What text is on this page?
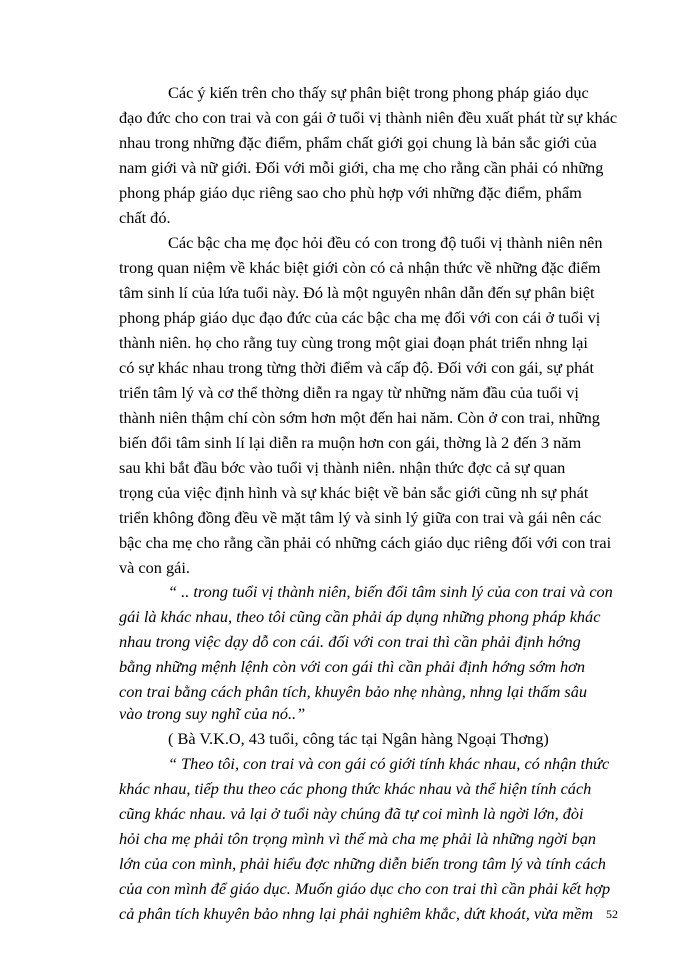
Các ý kiến trên cho thấy sự phân biệt trong phong pháp giáo dục
đạo đức cho con trai và con gái ở tuổi vị thành niên đều xuất phát từ sự khác
nhau trong những đặc điểm, phẩm chất giới gọi chung là bản sắc giới của
nam giới và nữ giới. Đối với mỗi giới, cha mẹ cho rằng cần phải có những
phong pháp giáo dục riêng sao cho phù hợp với những đặc điểm, phẩm
chất đó.
Các bậc cha mẹ đọc hỏi đều có con trong độ tuổi vị thành niên nên
trong quan niệm về khác biệt giới còn có cả nhận thức về những đặc điểm
tâm sinh lí của lứa tuổi này. Đó là một nguyên nhân dẫn đến sự phân biệt
phong pháp giáo dục đạo đức của các bậc cha mẹ đối với con cái ở tuổi vị
thành niên. họ cho rằng tuy cùng trong một giai đoạn phát triển nhng lại
có sự khác nhau trong từng thời điểm và cấp độ. Đối với con gái, sự phát
triển tâm lý và cơ thể thờng diễn ra ngay từ những năm đầu của tuổi vị
thành niên thậm chí còn sớm hơn một đến hai năm. Còn ở con trai, những
biến đổi tâm sinh lí lại diễn ra muộn hơn con gái, thờng là 2 đến 3 năm
sau khi bắt đầu bớc vào tuổi vị thành niên. nhận thức đợc cả sự quan
trọng của việc định hình và sự khác biệt về bản sắc giới cũng nh sự phát
triển không đồng đều về mặt tâm lý và sinh lý giữa con trai và gái nên các
bậc cha mẹ cho rằng cần phải có những cách giáo dục riêng đối với con trai
và con gái.
“ .. trong tuổi vị thành niên, biến đổi tâm sinh lý của con trai và con
gái là khác nhau, theo tôi cũng cần phải áp dụng những phong pháp khác
nhau trong việc dạy dỗ con cái. đối với con trai thì cần phải định hớng
bằng những mệnh lệnh còn với con gái thì cần phải định hớng sớm hơn
con trai bằng cách phân tích, khuyên bảo nhẹ nhàng, nhng lại thấm sâu
vào trong suy nghĩ của nó..”
( Bà V.K.O, 43 tuổi, công tác tại Ngân hàng Ngoại Thơng)
“ Theo tôi, con trai và con gái có giới tính khác nhau, có nhận thức
khác nhau, tiếp thu theo các phong thức khác nhau và thể hiện tính cách
cũng khác nhau. vả lại ở tuổi này chúng đã tự coi mình là ngời lớn, đòi
hỏi cha mẹ phải tôn trọng mình vì thế mà cha mẹ phải là những ngời bạn
lớn của con mình, phải hiểu đợc những diễn biến trong tâm lý và tính cách
của con mình để giáo dục. Muốn giáo dục cho con trai thì cần phải kết hợp
cả phân tích khuyên bảo nhng lại phải nghiêm khắc, dứt khoát, vừa mềm 52
